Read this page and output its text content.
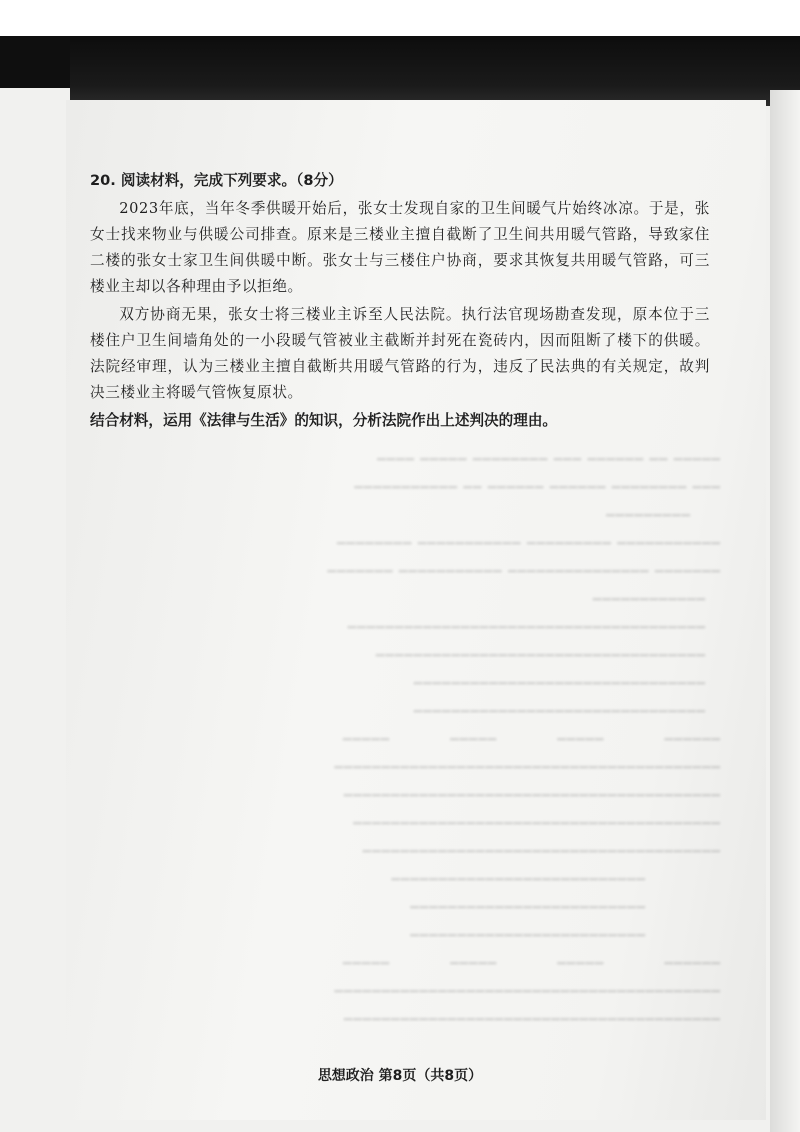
━━━━━ ━━ ━━━━━━ ━━━ ━━━━━━━━ ━━━━━ ━━━━
━━━ ━━━━━━━━ ━━━━━━ ━━━━━━ ━━ ━━━━━━━━━━━
　　━━━━━━━━━
━━━━━━━━━━━ ━━━━━━━━━ ━━━━━━━━━━━ ━━━━━━━━
━━━━━━━ ━━━━━━━━━━━━━━━ ━━━━━━━━━━━ ━━━━━━━
　━━━━━━━━━━━━
　━━━━━━━━━━━━━━━━━━━━━━━━━━━━━━━━━━━━━━
　━━━━━━━━━━━━━━━━━━━━━━━━━━━━━━━━━━━
　━━━━━━━━━━━━━━━━━━━━━━━━━━━━━━━
　━━━━━━━━━━━━━━━━━━━━━━━━━━━━━━━
━━━━━━　　　　━━━━━　　　　━━━━━　　　　━━━━━
━━━━━━━━━━━━━━━━━━━━━━━━━━━━━━━━━━━━━━━━━
━━━━━━━━━━━━━━━━━━━━━━━━━━━━━━━━━━━━━━━━
━━━━━━━━━━━━━━━━━━━━━━━━━━━━━━━━━━━━━━━
━━━━━━━━━━━━━━━━━━━━━━━━━━━━━━━━━━━━━━
　　　　　━━━━━━━━━━━━━━━━━━━━━━━━━━━
　　　　　━━━━━━━━━━━━━━━━━━━━━━━━━
　　　　　━━━━━━━━━━━━━━━━━━━━━━━━━
━━━━━━　　　　━━━━━　　　　━━━━━　　　　━━━━━
━━━━━━━━━━━━━━━━━━━━━━━━━━━━━━━━━━━━━━━━━
━━━━━━━━━━━━━━━━━━━━━━━━━━━━━━━━━━━━━━━━

20. 阅读材料，完成下列要求。（8分）

2023年底，当年冬季供暖开始后，张女士发现自家的卫生间暖气片始终冰凉。于是，张女士找来物业与供暖公司排查。原来是三楼业主擅自截断了卫生间共用暖气管路，导致家住二楼的张女士家卫生间供暖中断。张女士与三楼住户协商，要求其恢复共用暖气管路，可三楼业主却以各种理由予以拒绝。

双方协商无果，张女士将三楼业主诉至人民法院。执行法官现场勘查发现，原本位于三楼住户卫生间墙角处的一小段暖气管被业主截断并封死在瓷砖内，因而阻断了楼下的供暖。法院经审理，认为三楼业主擅自截断共用暖气管路的行为，违反了民法典的有关规定，故判决三楼业主将暖气管恢复原状。

结合材料，运用《法律与生活》的知识，分析法院作出上述判决的理由。

思想政治 第8页（共8页）
